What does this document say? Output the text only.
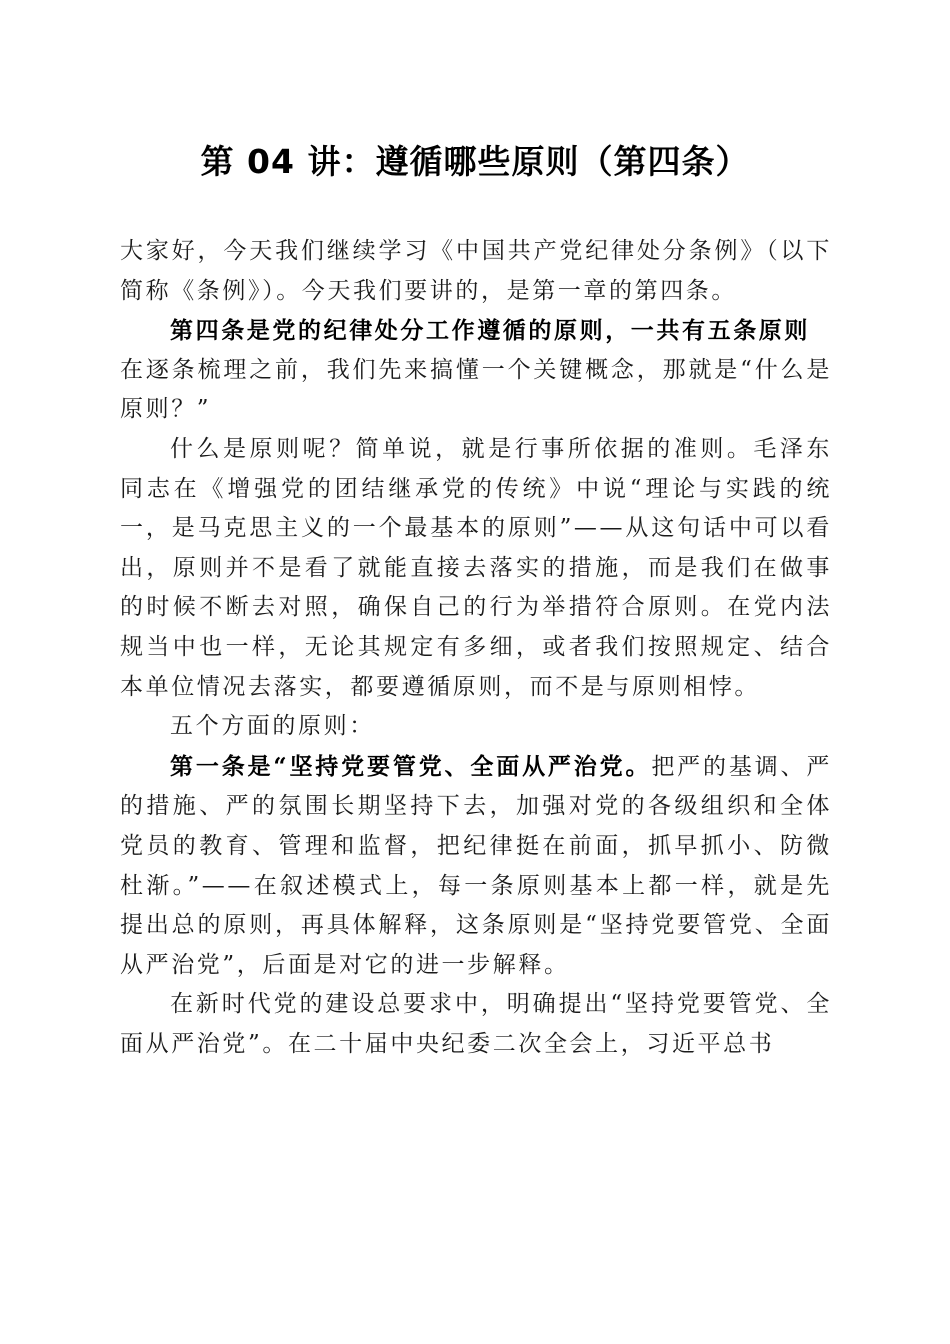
第 04 讲：遵循哪些原则（第四条）

大家好，今天我们继续学习《中国共产党纪律处分条例》（以下简称《条例》）。今天我们要讲的，是第一章的第四条。

第四条是党的纪律处分工作遵循的原则，一共有五条原则

在逐条梳理之前，我们先来搞懂一个关键概念，那就是“什么是原则？”

什么是原则呢？简单说，就是行事所依据的准则。毛泽东同志在《增强党的团结继承党的传统》中说“理论与实践的统一，是马克思主义的一个最基本的原则”——从这句话中可以看出，原则并不是看了就能直接去落实的措施，而是我们在做事的时候不断去对照，确保自己的行为举措符合原则。在党内法规当中也一样，无论其规定有多细，或者我们按照规定、结合本单位情况去落实，都要遵循原则，而不是与原则相悖。

五个方面的原则：

第一条是“坚持党要管党、全面从严治党。把严的基调、严的措施、严的氛围长期坚持下去，加强对党的各级组织和全体党员的教育、管理和监督，把纪律挺在前面，抓早抓小、防微杜渐。”——在叙述模式上，每一条原则基本上都一样，就是先提出总的原则，再具体解释，这条原则是“坚持党要管党、全面从严治党”，后面是对它的进一步解释。

在新时代党的建设总要求中，明确提出“坚持党要管党、全面从严治党”。在二十届中央纪委二次全会上，习近平总书
